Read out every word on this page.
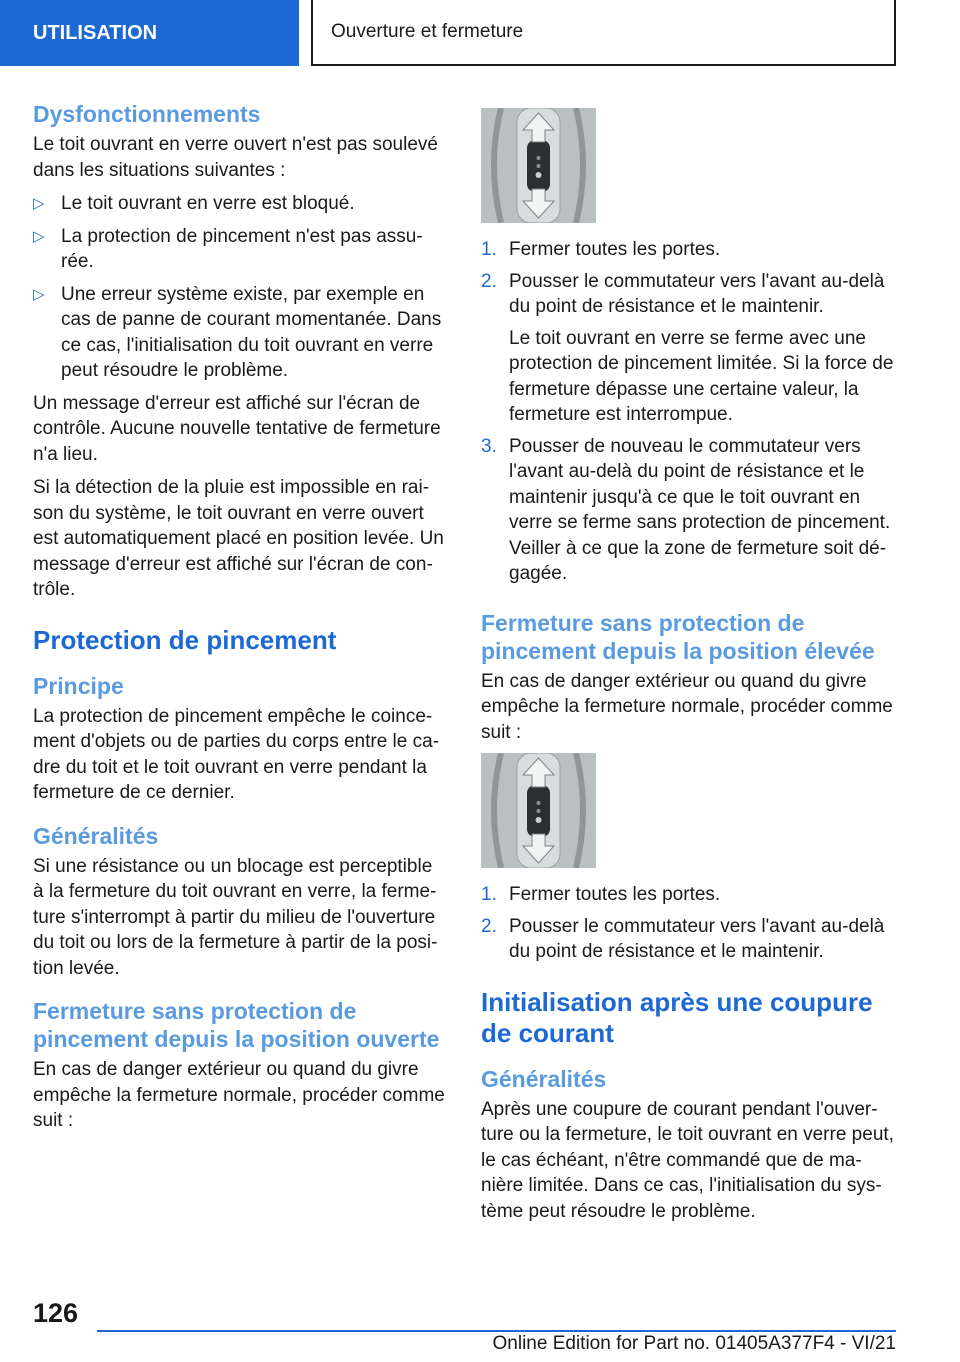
UTILISATION	Ouverture et fermeture
Dysfonctionnements

Le toit ouvrant en verre ouvert n'est pas soulevé dans les situations suivantes :

▷ Le toit ouvrant en verre est bloqué.
▷ La protection de pincement n'est pas assurée.
▷ Une erreur système existe, par exemple en cas de panne de courant momentanée. Dans ce cas, l'initialisation du toit ouvrant en verre peut résoudre le problème.

Un message d'erreur est affiché sur l'écran de contrôle. Aucune nouvelle tentative de fermeture n'a lieu.

Si la détection de la pluie est impossible en raison du système, le toit ouvrant en verre ouvert est automatiquement placé en position levée. Un message d'erreur est affiché sur l'écran de contrôle.

Protection de pincement
Principe

La protection de pincement empêche le coincement d'objets ou de parties du corps entre le cadre du toit et le toit ouvrant en verre pendant la fermeture de ce dernier.

Généralités

Si une résistance ou un blocage est perceptible à la fermeture du toit ouvrant en verre, la fermeture s'interrompt à partir du milieu de l'ouverture du toit ou lors de la fermeture à partir de la position levée.

Fermeture sans protection de pincement depuis la position ouverte

En cas de danger extérieur ou quand du givre empêche la fermeture normale, procéder comme suit :

1. Fermer toutes les portes.
2. Pousser le commutateur vers l'avant au-delà du point de résistance et le maintenir.
Le toit ouvrant en verre se ferme avec une protection de pincement limitée. Si la force de fermeture dépasse une certaine valeur, la fermeture est interrompue.
3. Pousser de nouveau le commutateur vers l'avant au-delà du point de résistance et le maintenir jusqu'à ce que le toit ouvrant en verre se ferme sans protection de pincement. Veiller à ce que la zone de fermeture soit dégagée.
Fermeture sans protection de pincement depuis la position élevée

En cas de danger extérieur ou quand du givre empêche la fermeture normale, procéder comme suit :

1. Fermer toutes les portes.
2. Pousser le commutateur vers l'avant au-delà du point de résistance et le maintenir.
Initialisation après une coupure de courant
Généralités

Après une coupure de courant pendant l'ouverture ou la fermeture, le toit ouvrant en verre peut, le cas échéant, n'être commandé que de manière limitée. Dans ce cas, l'initialisation du système peut résoudre le problème.

126
Online Edition for Part no. 01405A377F4 - VI/21
